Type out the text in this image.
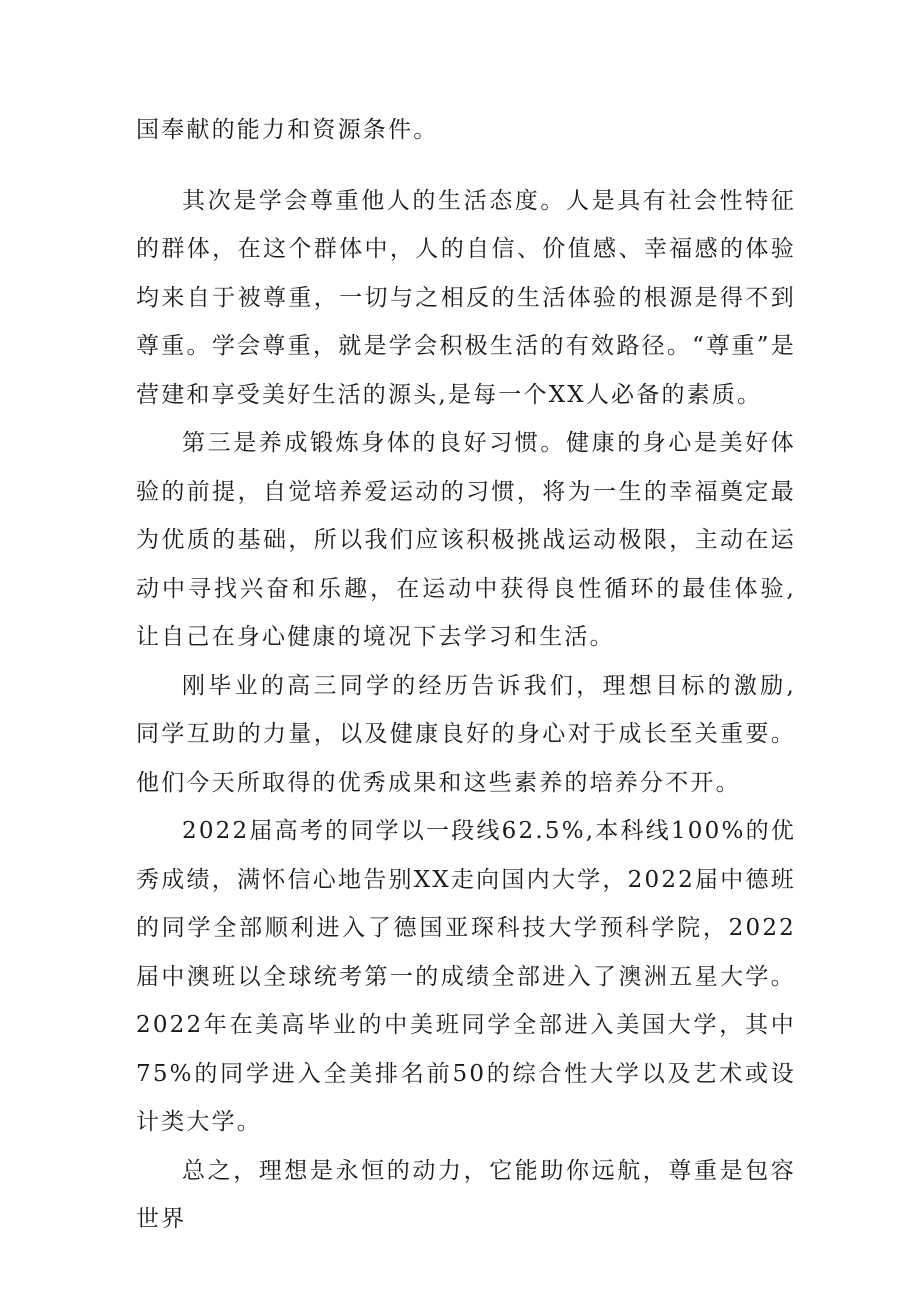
国奉献的能力和资源条件。

其次是学会尊重他人的生活态度。人是具有社会性特征的群体，在这个群体中，人的自信、价值感、幸福感的体验均来自于被尊重，一切与之相反的生活体验的根源是得不到尊重。学会尊重，就是学会积极生活的有效路径。“尊重”是营建和享受美好生活的源头,是每一个XX人必备的素质。

第三是养成锻炼身体的良好习惯。健康的身心是美好体验的前提，自觉培养爱运动的习惯，将为一生的幸福奠定最为优质的基础，所以我们应该积极挑战运动极限，主动在运动中寻找兴奋和乐趣，在运动中获得良性循环的最佳体验,让自己在身心健康的境况下去学习和生活。

刚毕业的高三同学的经历告诉我们，理想目标的激励,同学互助的力量，以及健康良好的身心对于成长至关重要。他们今天所取得的优秀成果和这些素养的培养分不开。

2022届高考的同学以一段线62.5%,本科线100%的优秀成绩，满怀信心地告别XX走向国内大学，2022届中德班的同学全部顺利进入了德国亚琛科技大学预科学院，2022届中澳班以全球统考第一的成绩全部进入了澳洲五星大学。2022年在美高毕业的中美班同学全部进入美国大学，其中75%的同学进入全美排名前50的综合性大学以及艺术或设计类大学。

总之，理想是永恒的动力，它能助你远航，尊重是包容世界
